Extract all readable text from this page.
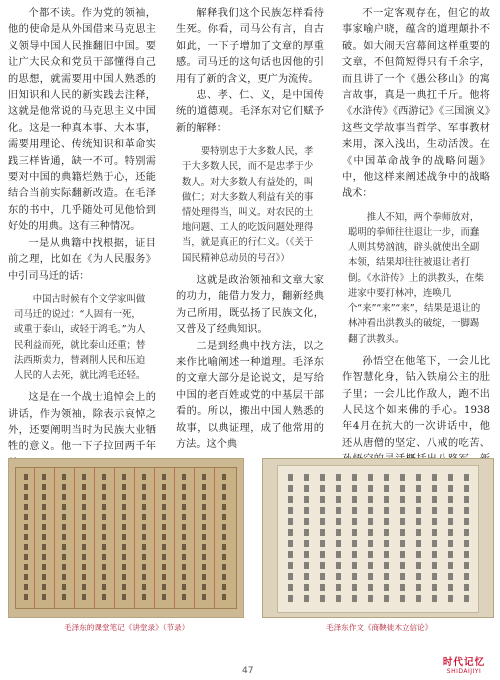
个都不读。作为党的领袖，他的使命是从外国借来马克思主义领导中国人民推翻旧中国。要让广大民众和党员干部懂得自己的思想，就需要用中国人熟悉的旧知识和人民的新实践去注释，这就是他常说的马克思主义中国化。这是一种真本事、大本事，需要用理论、传统知识和革命实践三样皆通，缺一不可。特别需要对中国的典籍烂熟于心，还能结合当前实际翻新改造。在毛泽东的书中，几乎随处可见他恰到好处的用典。这有三种情况。

一是从典籍中找根据，证目前之理，比如在《为人民服务》中引司马迁的话：

中国古时候有个文学家叫做司马迁的说过：“人固有一死，或重于泰山，或轻于鸿毛。”为人民利益而死，就比泰山还重；替法西斯卖力，替剥削人民和压迫人民的人去死，就比鸿毛还轻。

这是在一个战士追悼会上的讲话，作为领袖，除表示哀悼之外，还要阐明当时为民族大业牺牲的意义。他一下子拉回两千年

解释我们这个民族怎样看待生死。你看，司马公有言，自古如此，一下子增加了文章的厚重感。司马迁的这句话也因他的引用有了新的含义，更广为流传。

忠、孝、仁、义，是中国传统的道德观。毛泽东对它们赋予新的解释：

要特别忠于大多数人民，孝于大多数人民，而不是忠孝于少数人。对大多数人有益处的，叫做仁；对大多数人利益有关的事情处理得当，叫义。对农民的土地问题、工人的吃饭问题处理得当，就是真正的行仁义。（《关于国民精神总动员的号召》）

这就是政治领袖和文章大家的功力，能借力发力，翻新经典为己所用，既弘扬了民族文化，又普及了经典知识。

二是到经典中找方法，以之来作比喻阐述一种道理。毛泽东的文章大部分是论说文，是写给中国的老百姓或党的中基层干部看的。所以，搬出中国人熟悉的故事，以典证理，成了他常用的方法。这个典

不一定客观存在，但它的故事家喻户晓，蕴含的道理颠扑不破。如大闹天宫幕间这样重要的文章，不但简短得只有千余字，而且讲了一个《愚公移山》的寓言故事，真是一典扛千斤。他将《水浒传》《西游记》《三国演义》这些文学故事当哲学、军事教材来用，深入浅出，生动活泼。在《中国革命战争的战略问题》中，他这样来阐述战争中的战略战术：

推人不知，两个拳师放对，聪明的拳师往往退让一步，而蠢人则其势汹汹，辟头就使出全副本领，结果却往往被退让者打倒。《水浒传》上的洪教头，在柴进家中要打林冲，连唤几个“来”“来”“来”，结果是退让的林冲看出洪教头的破绽，一脚踢翻了洪教头。

孙悟空在他笔下，一会儿比作智慧化身，钻入铁扇公主的肚子里；一会儿比作敌人，跑不出人民这个如来佛的手心。1938年4月在抗大的一次讲话中，他还从唐僧的坚定、八戒的吃苦、

毛泽东的课堂笔记《讲堂录》（节录）	毛泽东作文《商鞅徙木立信论》
47
时代记忆
SHIDAIJIYI
